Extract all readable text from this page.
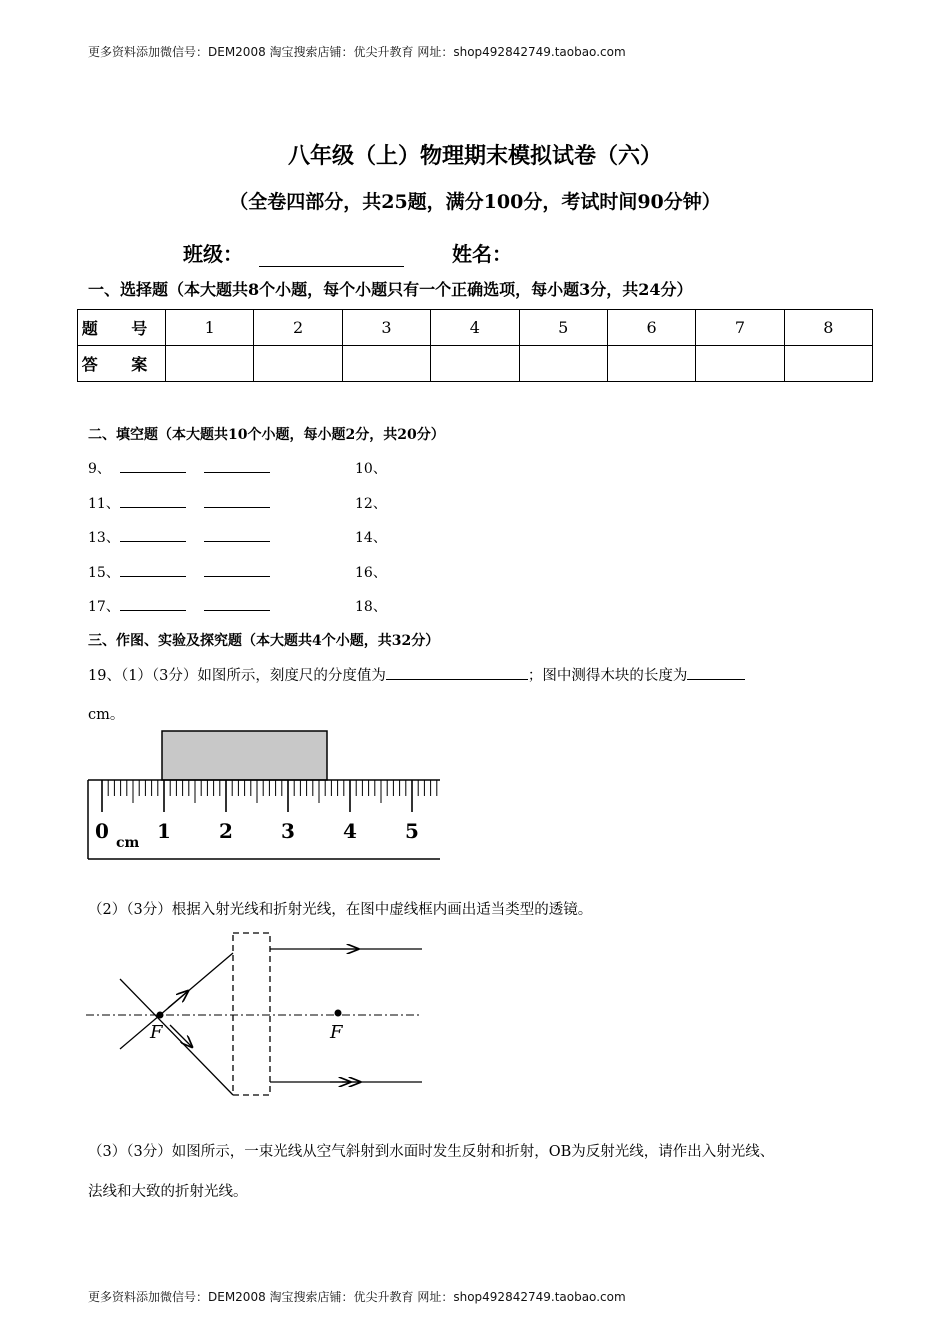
更多资料添加微信号：DEM2008 淘宝搜索店铺：优尖升教育 网址：shop492842749.taobao.com
八年级（上）物理期末模拟试卷（六）
（全卷四部分，共25题，满分100分，考试时间90分钟）
班级：	姓名：
一、选择题（本大题共8个小题，每个小题只有一个正确选项，每小题3分，共24分）
题 号	1	2	3	4	5	6	7	8
答 案								
二、填空题（本大题共10个小题，每小题2分，共20分）
9、	10、
11、	12、
13、	14、
15、	16、
17、	18、
三、作图、实验及探究题（本大题共4个小题，共32分）
19、（1）（3分）如图所示，刻度尺的分度值为	；图中测得木块的长度为
cm。
0 1 2 3 4 5
cm
（2）（3分）根据入射光线和折射光线，在图中虚线框内画出适当类型的透镜。
F	F
（3）（3分）如图所示，一束光线从空气斜射到水面时发生反射和折射，OB为反射光线，请作出入射光线、
法线和大致的折射光线。
更多资料添加微信号：DEM2008 淘宝搜索店铺：优尖升教育 网址：shop492842749.taobao.com
